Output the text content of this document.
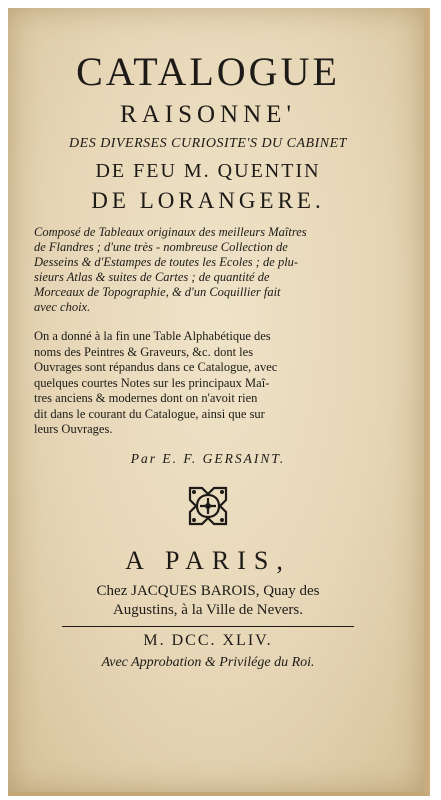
CATALOGUE
RAISONNE'
DES DIVERSES CURIOSITE'S DU CABINET
DE FEU M. QUENTIN
DE LORANGERE.
Composé de Tableaux originaux des meilleurs Maîtres
de Flandres ; d'une très - nombreuse Collection de
Desseins & d'Estampes de toutes les Ecoles ; de plu-
sieurs Atlas & suites de Cartes ; de quantité de
Morceaux de Topographie, & d'un Coquillier fait
avec choix.
On a donné à la fin une Table Alphabétique des
noms des Peintres & Graveurs, &c. dont les
Ouvrages sont répandus dans ce Catalogue, avec
quelques courtes Notes sur les principaux Maî-
tres anciens & modernes dont on n'avoit rien
dit dans le courant du Catalogue, ainsi que sur
leurs Ouvrages.
Par E. F. GERSAINT.
A PARIS,
Chez JACQUES BAROIS, Quay des
Augustins, à la Ville de Nevers.
M. DCC. XLIV.
Avec Approbation & Privilége du Roi.
